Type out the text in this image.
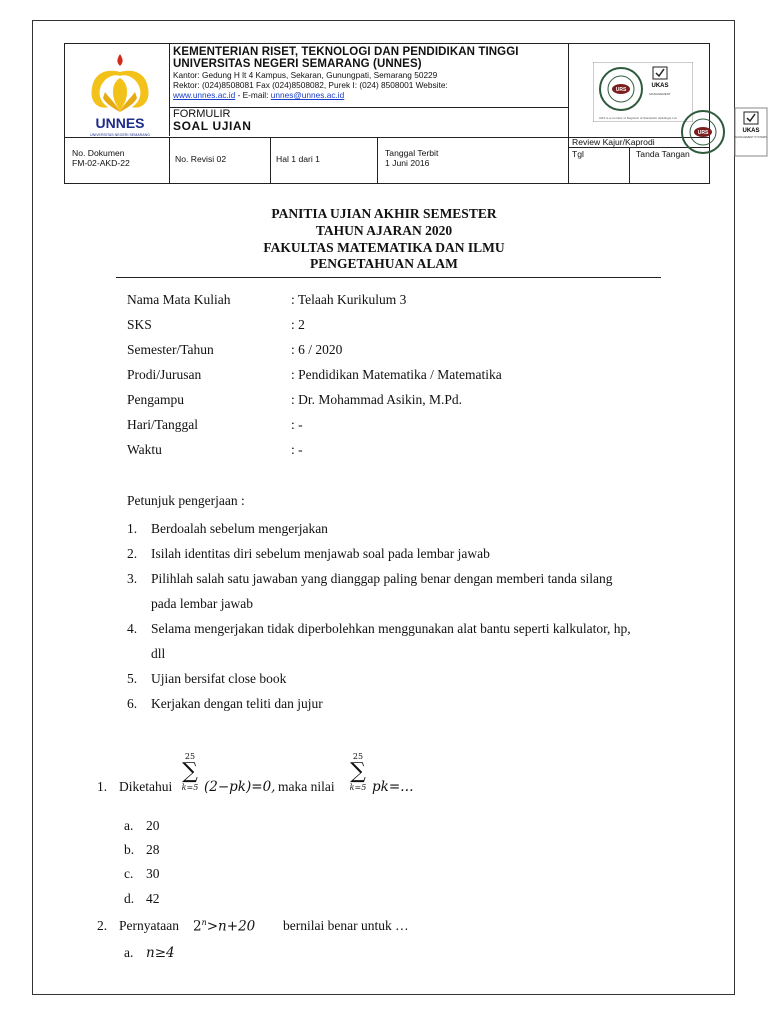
UNNES
UNIVERSITAS NEGERI SEMARANG
KEMENTERIAN RISET, TEKNOLOGI DAN PENDIDIKAN TINGGI
UNIVERSITAS NEGERI SEMARANG (UNNES)
Kantor: Gedung H lt 4 Kampus, Sekaran, Gunungpati, Semarang 50229
Rektor: (024)8508081 Fax (024)8508082, Purek I: (024) 8508001 Website:
www.unnes.ac.id - E-mail: unnes@unnes.ac.id
FORMULIR
SOAL UJIAN
URS
UKAS
MANAGEMENT
URS is a member of Registrar of Standards (Holdings) Ltd.
URS	UKAS
MANAGEMENT SYSTEMS
No. Dokumen
FM-02-AKD-22	No. Revisi 02	Hal 1 dari 1
Tanggal Terbit
1 Juni 2016
Review Kajur/Kaprodi
Tgl	Tanda Tangan
PANITIA UJIAN AKHIR SEMESTER
TAHUN AJARAN 2020
FAKULTAS MATEMATIKA DAN ILMU
PENGETAHUAN ALAM
Nama Mata Kuliah	: Telaah Kurikulum 3
SKS	: 2
Semester/Tahun	: 6 / 2020
Prodi/Jurusan	: Pendidikan Matematika / Matematika
Pengampu	: Dr. Mohammad Asikin, M.Pd.
Hari/Tanggal	: -
Waktu	: -
Petunjuk pengerjaan :
1. Berdoalah sebelum mengerjakan
2. Isilah identitas diri sebelum menjawab soal pada lembar jawab
3. Pilihlah salah satu jawaban yang dianggap paling benar dengan memberi tanda silang
pada lembar jawab
4. Selama mengerjakan tidak diperbolehkan menggunakan alat bantu seperti kalkulator, hp,
dll
5. Ujian bersifat close book
6. Kerjakan dengan teliti dan jujur
1. Diketahui
25
∑
k=5 (2−pk)=0, maka nilai
25
∑
k=5 pk=…
a. 20
b. 28
c. 30
d. 42
2. Pernyataan $2^n>n+20$ bernilai benar untuk …
a. n≥4
